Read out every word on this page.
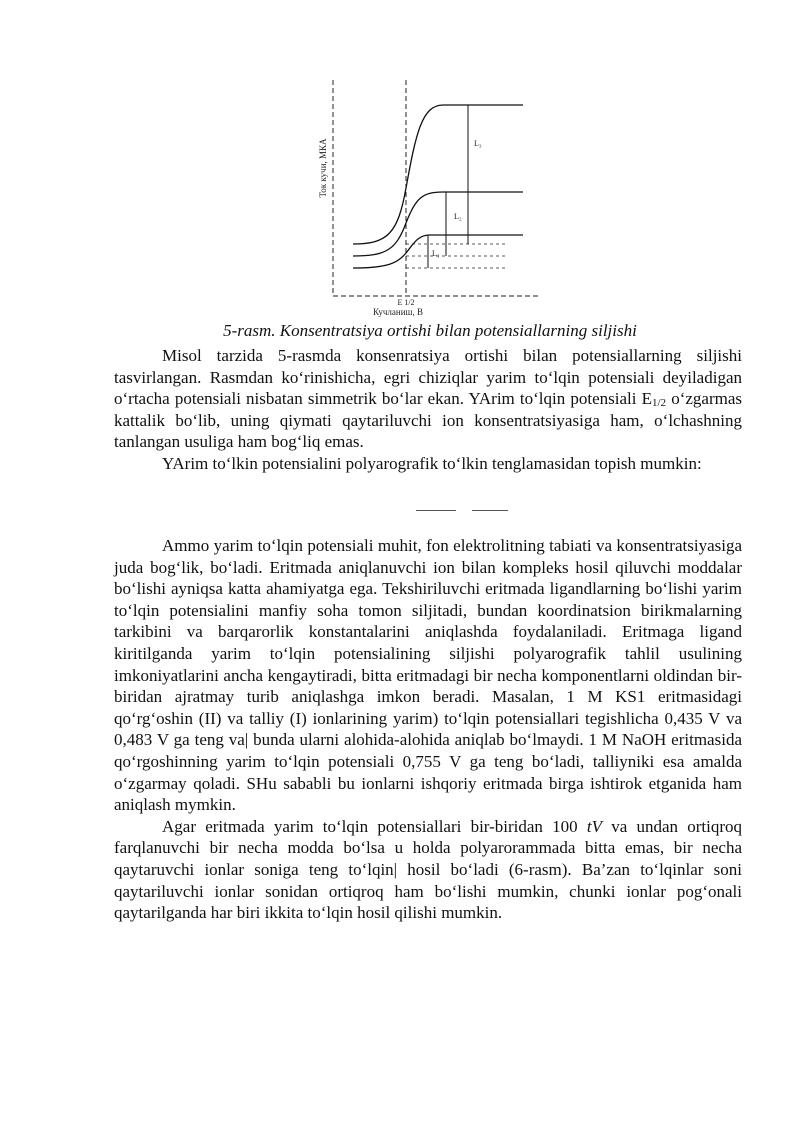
L₁
L₂
L₃
Ток кучи, МКА
E 1/2
Кучланиш, В
5-rasm. Konsentratsiya ortishi bilan potensiallarning siljishi

Misol tarzida 5-rasmda konsenratsiya ortishi bilan potensiallarning siljishi tasvirlangan. Rasmdan ko‘rinishicha, egri chiziqlar yarim to‘lqin potensiali deyiladigan o‘rtacha potensiali nisbatan simmetrik bo‘lar ekan. YArim to‘lqin potensiali $E_{1/2}$ o‘zgarmas kattalik bo‘lib, uning qiymati qaytariluvchi ion konsentratsiyasiga ham, o‘lchashning tanlangan usuliga ham bog‘liq emas.

YArim to‘lkin potensialini polyarografik to‘lkin tenglamasidan topish mumkin:

Ammo yarim to‘lqin potensiali muhit, fon elektrolitning tabiati va konsentratsiyasiga juda bog‘lik, bo‘ladi. Eritmada aniqlanuvchi ion bilan kompleks hosil qiluvchi moddalar bo‘lishi ayniqsa katta ahamiyatga ega. Tekshiriluvchi eritmada ligandlarning bo‘lishi yarim to‘lqin potensialini manfiy soha tomon siljitadi, bundan koordinatsion birikmalarning tarkibini va barqarorlik konstantalarini aniqlashda foydalaniladi. Eritmaga ligand kiritilganda yarim to‘lqin potensialining siljishi polyarografik tahlil usulining imkoniyatlarini ancha kengaytiradi, bitta eritmadagi bir necha komponentlarni oldindan bir-biridan ajratmay turib aniqlashga imkon beradi. Masalan, 1 M KS1 eritmasidagi qo‘rg‘oshin (II) va talliy (I) ionlarining yarim) to‘lqin potensiallari tegishlicha 0,435 V va 0,483 V ga teng va| bunda ularni alohida-alohida aniqlab bo‘lmaydi. 1 M NaOH eritmasida qo‘rgoshinning yarim to‘lqin potensiali 0,755 V ga teng bo‘ladi, talliyniki esa amalda o‘zgarmay qoladi. SHu sababli bu ionlarni ishqoriy eritmada birga ishtirok etganida ham aniqlash mymkin.

Agar eritmada yarim to‘lqin potensiallari bir-biridan 100 tV va undan ortiqroq farqlanuvchi bir necha modda bo‘lsa u holda polyarorammada bitta emas, bir necha qaytaruvchi ionlar soniga teng to‘lqin| hosil bo‘ladi (6-rasm). Ba’zan to‘lqinlar soni qaytariluvchi ionlar sonidan ortiqroq ham bo‘lishi mumkin, chunki ionlar pog‘onali qaytarilganda har biri ikkita to‘lqin hosil qilishi mumkin.
